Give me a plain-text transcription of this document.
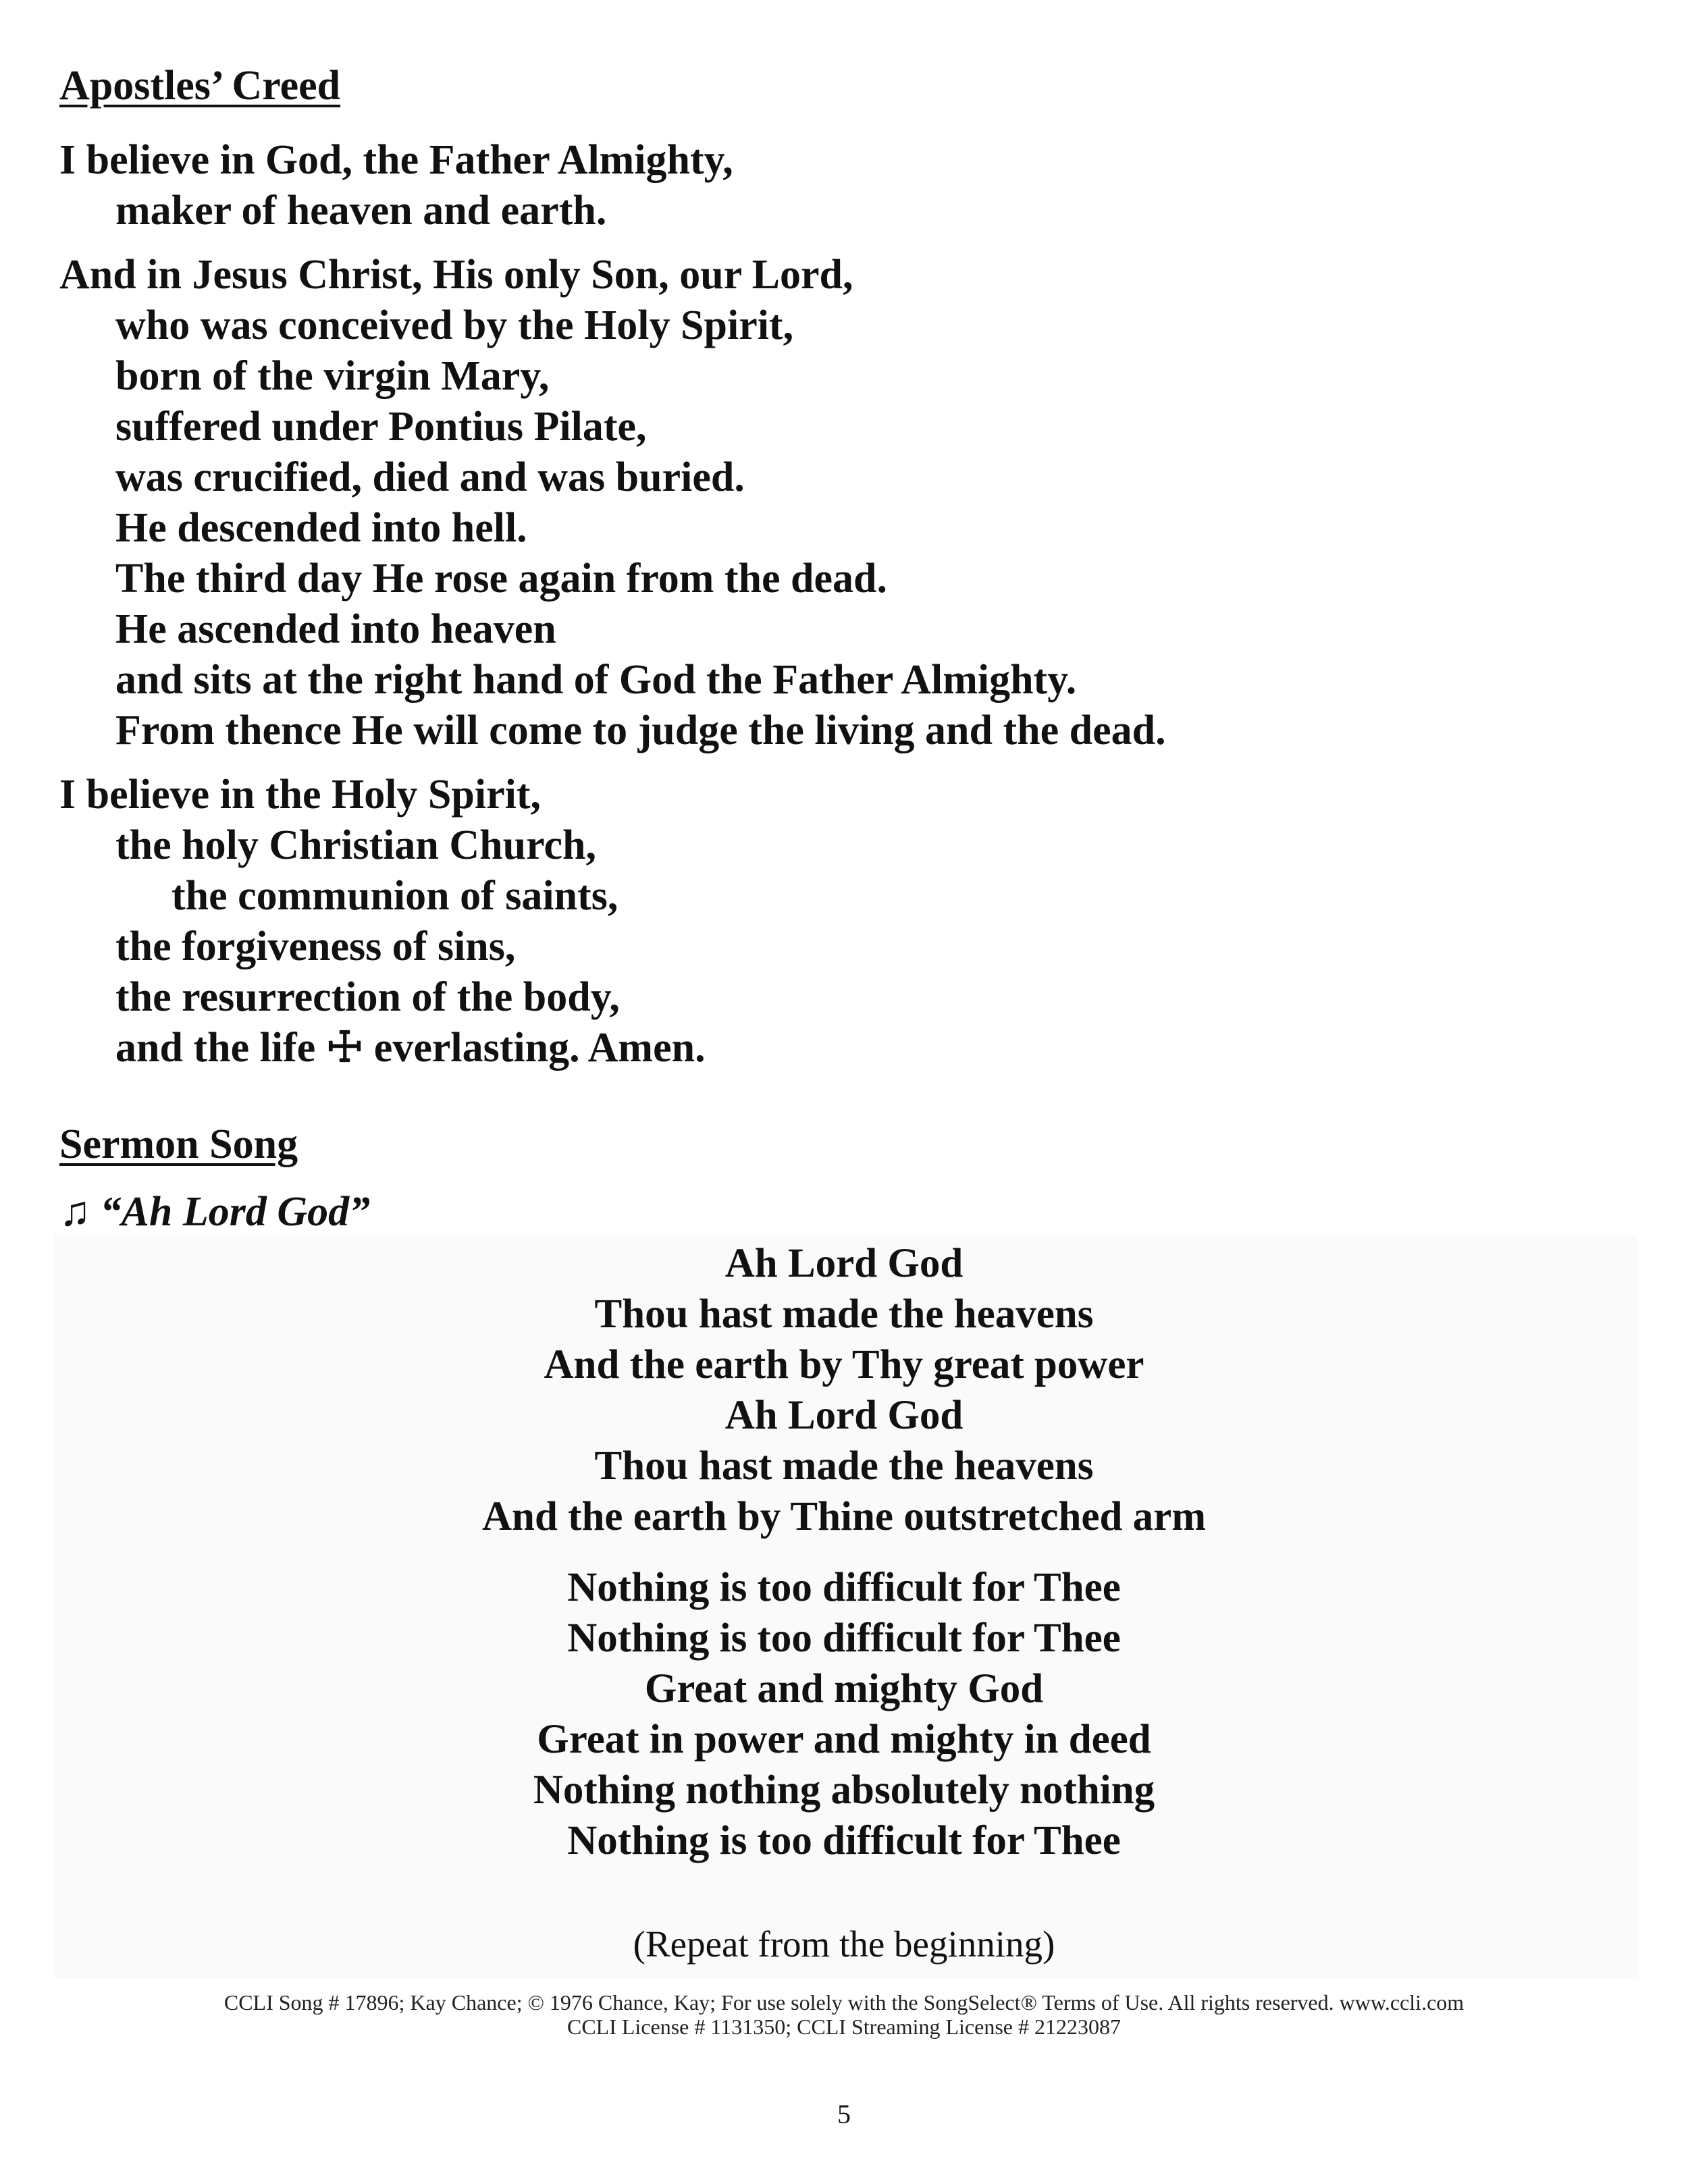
Apostles’ Creed
I believe in God, the Father Almighty,
maker of heaven and earth.
And in Jesus Christ, His only Son, our Lord,
who was conceived by the Holy Spirit,
born of the virgin Mary,
suffered under Pontius Pilate,
was crucified, died and was buried.
He descended into hell.
The third day He rose again from the dead.
He ascended into heaven
and sits at the right hand of God the Father Almighty.
From thence He will come to judge the living and the dead.
I believe in the Holy Spirit,
the holy Christian Church,
the communion of saints,
the forgiveness of sins,
the resurrection of the body,
and the life ☩ everlasting. Amen.
Sermon Song
♫ “Ah Lord God”
Ah Lord God
Thou hast made the heavens
And the earth by Thy great power
Ah Lord God
Thou hast made the heavens
And the earth by Thine outstretched arm
Nothing is too difficult for Thee
Nothing is too difficult for Thee
Great and mighty God
Great in power and mighty in deed
Nothing nothing absolutely nothing
Nothing is too difficult for Thee
(Repeat from the beginning)
CCLI Song # 17896; Kay Chance; © 1976 Chance, Kay; For use solely with the SongSelect® Terms of Use. All rights reserved. www.ccli.com
CCLI License # 1131350; CCLI Streaming License # 21223087
5
